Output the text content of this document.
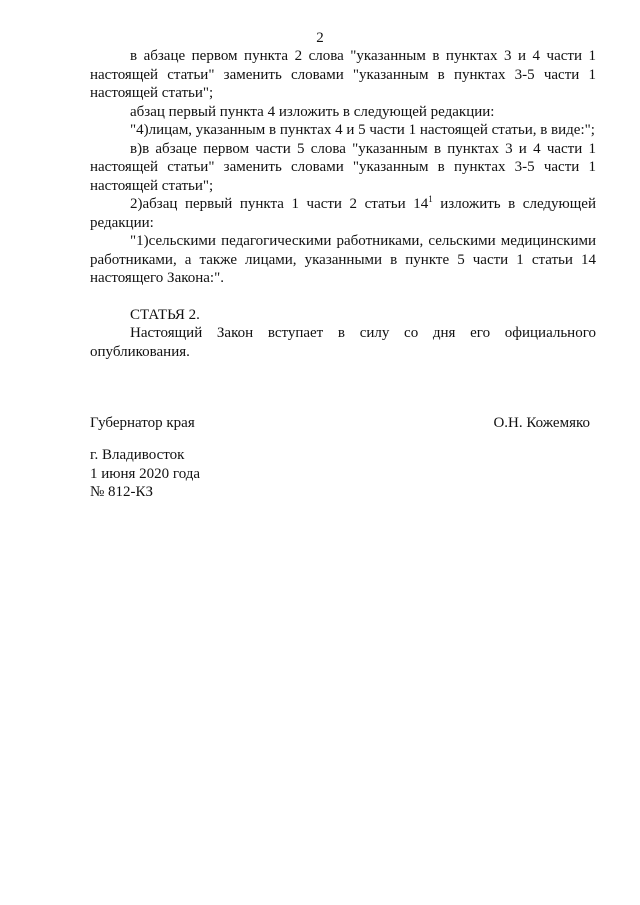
2

в абзаце первом пункта 2 слова "указанным в пунктах 3 и 4 части 1 настоящей статьи" заменить словами "указанным в пунктах 3-5 части 1 настоящей статьи";

абзац первый пункта 4 изложить в следующей редакции:

"4)лицам, указанным в пунктах 4 и 5 части 1 настоящей статьи, в виде:";

в)в абзаце первом части 5 слова "указанным в пунктах 3 и 4 части 1 настоящей статьи" заменить словами "указанным в пунктах 3-5 части 1 настоящей статьи";

2)абзац первый пункта 1 части 2 статьи $14^1$ изложить в следующей редакции:

"1)сельскими педагогическими работниками, сельскими медицинскими работниками, а также лицами, указанными в пункте 5 части 1 статьи 14 настоящего Закона:".

СТАТЬЯ 2.

Настоящий Закон вступает в силу со дня его официального опубликования.

Губернатор края	О.Н. Кожемяко
г. Владивосток
1 июня 2020 года
№ 812-КЗ
